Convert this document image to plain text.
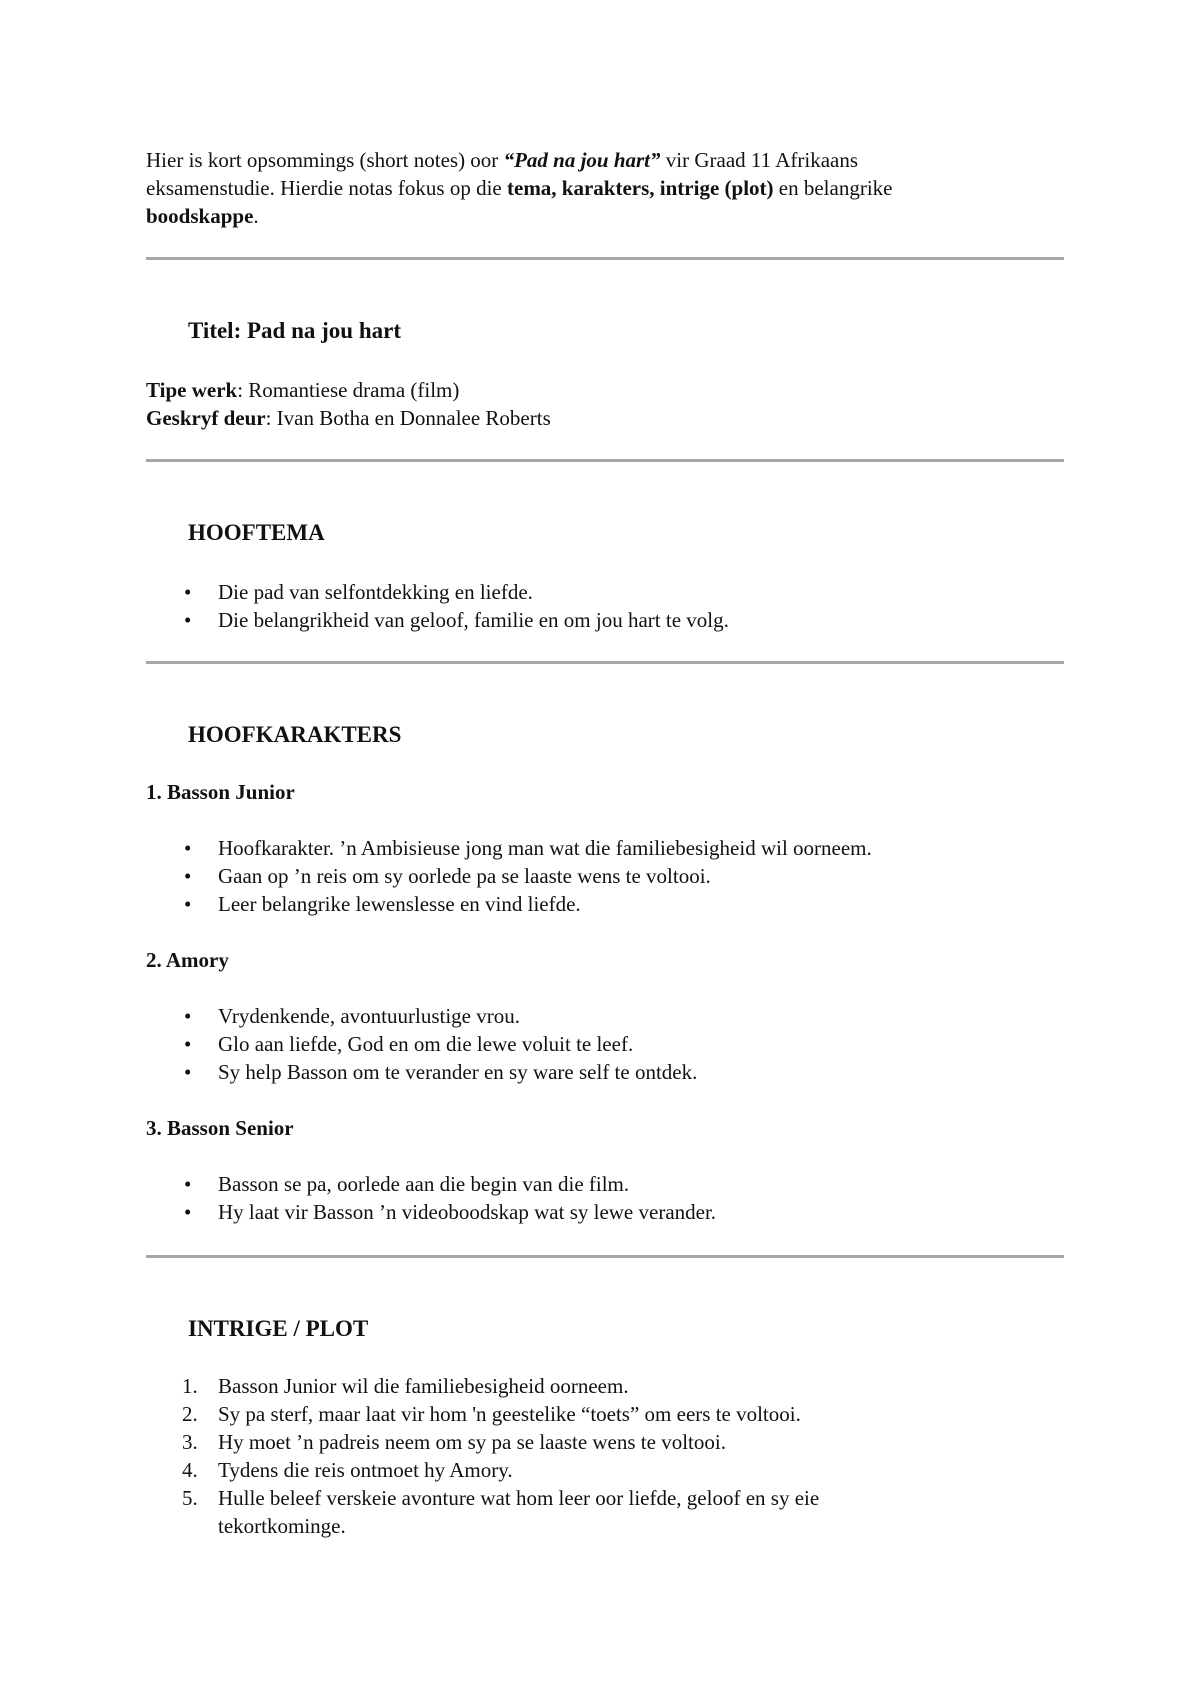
Hier is kort opsommings (short notes) oor “Pad na jou hart” vir Graad 11 Afrikaans
eksamenstudie. Hierdie notas fokus op die tema, karakters, intrige (plot) en belangrike
boodskappe.
Titel: Pad na jou hart
Tipe werk: Romantiese drama (film)
Geskryf deur: Ivan Botha en Donnalee Roberts
HOOFTEMA
• Die pad van selfontdekking en liefde.
• Die belangrikheid van geloof, familie en om jou hart te volg.
HOOFKARAKTERS
1. Basson Junior
• Hoofkarakter. ’n Ambisieuse jong man wat die familiebesigheid wil oorneem.
• Gaan op ’n reis om sy oorlede pa se laaste wens te voltooi.
• Leer belangrike lewenslesse en vind liefde.
2. Amory
• Vrydenkende, avontuurlustige vrou.
• Glo aan liefde, God en om die lewe voluit te leef.
• Sy help Basson om te verander en sy ware self te ontdek.
3. Basson Senior
• Basson se pa, oorlede aan die begin van die film.
• Hy laat vir Basson ’n videoboodskap wat sy lewe verander.
INTRIGE / PLOT
1. Basson Junior wil die familiebesigheid oorneem.
2. Sy pa sterf, maar laat vir hom 'n geestelike “toets” om eers te voltooi.
3. Hy moet ’n padreis neem om sy pa se laaste wens te voltooi.
4. Tydens die reis ontmoet hy Amory.
5. Hulle beleef verskeie avonture wat hom leer oor liefde, geloof en sy eie
tekortkominge.
